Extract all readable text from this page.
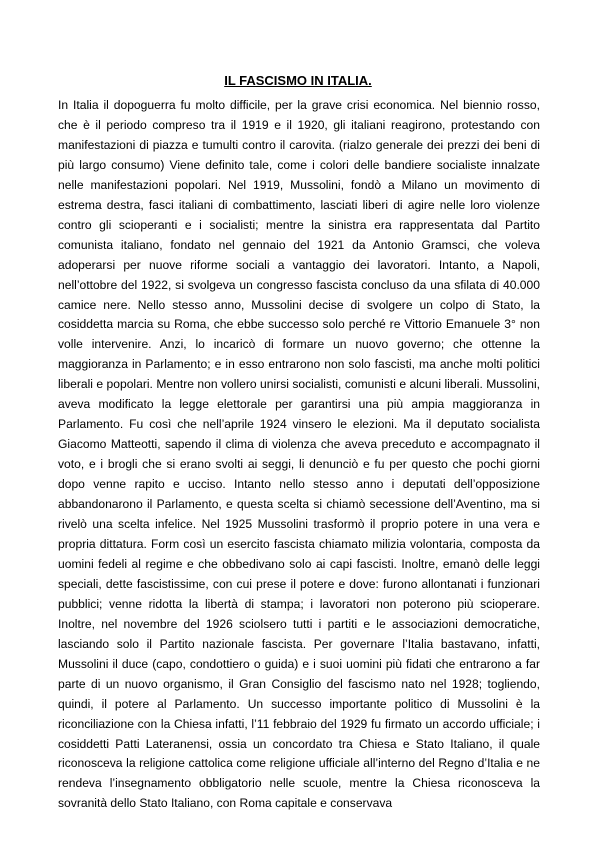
IL FASCISMO IN ITALIA.

In Italia il dopoguerra fu molto difficile, per la grave crisi economica. Nel biennio rosso, che è il periodo compreso tra il 1919 e il 1920, gli italiani reagirono, protestando con manifestazioni di piazza e tumulti contro il carovita. (rialzo generale dei prezzi dei beni di più largo consumo) Viene definito tale, come i colori delle bandiere socialiste innalzate nelle manifestazioni popolari. Nel 1919, Mussolini, fondò a Milano un movimento di estrema destra, fasci italiani di combattimento, lasciati liberi di agire nelle loro violenze contro gli scioperanti e i socialisti; mentre la sinistra era rappresentata dal Partito comunista italiano, fondato nel gennaio del 1921 da Antonio Gramsci, che voleva adoperarsi per nuove riforme sociali a vantaggio dei lavoratori. Intanto, a Napoli, nell’ottobre del 1922, si svolgeva un congresso fascista concluso da una sfilata di 40.000 camice nere. Nello stesso anno, Mussolini decise di svolgere un colpo di Stato, la cosiddetta marcia su Roma, che ebbe successo solo perché re Vittorio Emanuele 3° non volle intervenire. Anzi, lo incaricò di formare un nuovo governo; che ottenne la maggioranza in Parlamento; e in esso entrarono non solo fascisti, ma anche molti politici liberali e popolari. Mentre non vollero unirsi socialisti, comunisti e alcuni liberali. Mussolini, aveva modificato la legge elettorale per garantirsi una più ampia maggioranza in Parlamento. Fu così che nell’aprile 1924 vinsero le elezioni. Ma il deputato socialista Giacomo Matteotti, sapendo il clima di violenza che aveva preceduto e accompagnato il voto, e i brogli che si erano svolti ai seggi, li denunciò e fu per questo che pochi giorni dopo venne rapito e ucciso. Intanto nello stesso anno i deputati dell’opposizione abbandonarono il Parlamento, e questa scelta si chiamò secessione dell’Aventino, ma si rivelò una scelta infelice. Nel 1925 Mussolini trasformò il proprio potere in una vera e propria dittatura. Form così un esercito fascista chiamato milizia volontaria, composta da uomini fedeli al regime e che obbedivano solo ai capi fascisti. Inoltre, emanò delle leggi speciali, dette fascistissime, con cui prese il potere e dove: furono allontanati i funzionari pubblici; venne ridotta la libertà di stampa; i lavoratori non poterono più scioperare. Inoltre, nel novembre del 1926 sciolsero tutti i partiti e le associazioni democratiche, lasciando solo il Partito nazionale fascista. Per governare l’Italia bastavano, infatti, Mussolini il duce (capo, condottiero o guida) e i suoi uomini più fidati che entrarono a far parte di un nuovo organismo, il Gran Consiglio del fascismo nato nel 1928; togliendo, quindi, il potere al Parlamento. Un successo importante politico di Mussolini è la riconciliazione con la Chiesa infatti, l’11 febbraio del 1929 fu firmato un accordo ufficiale; i cosiddetti Patti Lateranensi, ossia un concordato tra Chiesa e Stato Italiano, il quale riconosceva la religione cattolica come religione ufficiale all’interno del Regno d’Italia e ne rendeva l’insegnamento obbligatorio nelle scuole, mentre la Chiesa riconosceva la sovranità dello Stato Italiano, con Roma capitale e conservava
